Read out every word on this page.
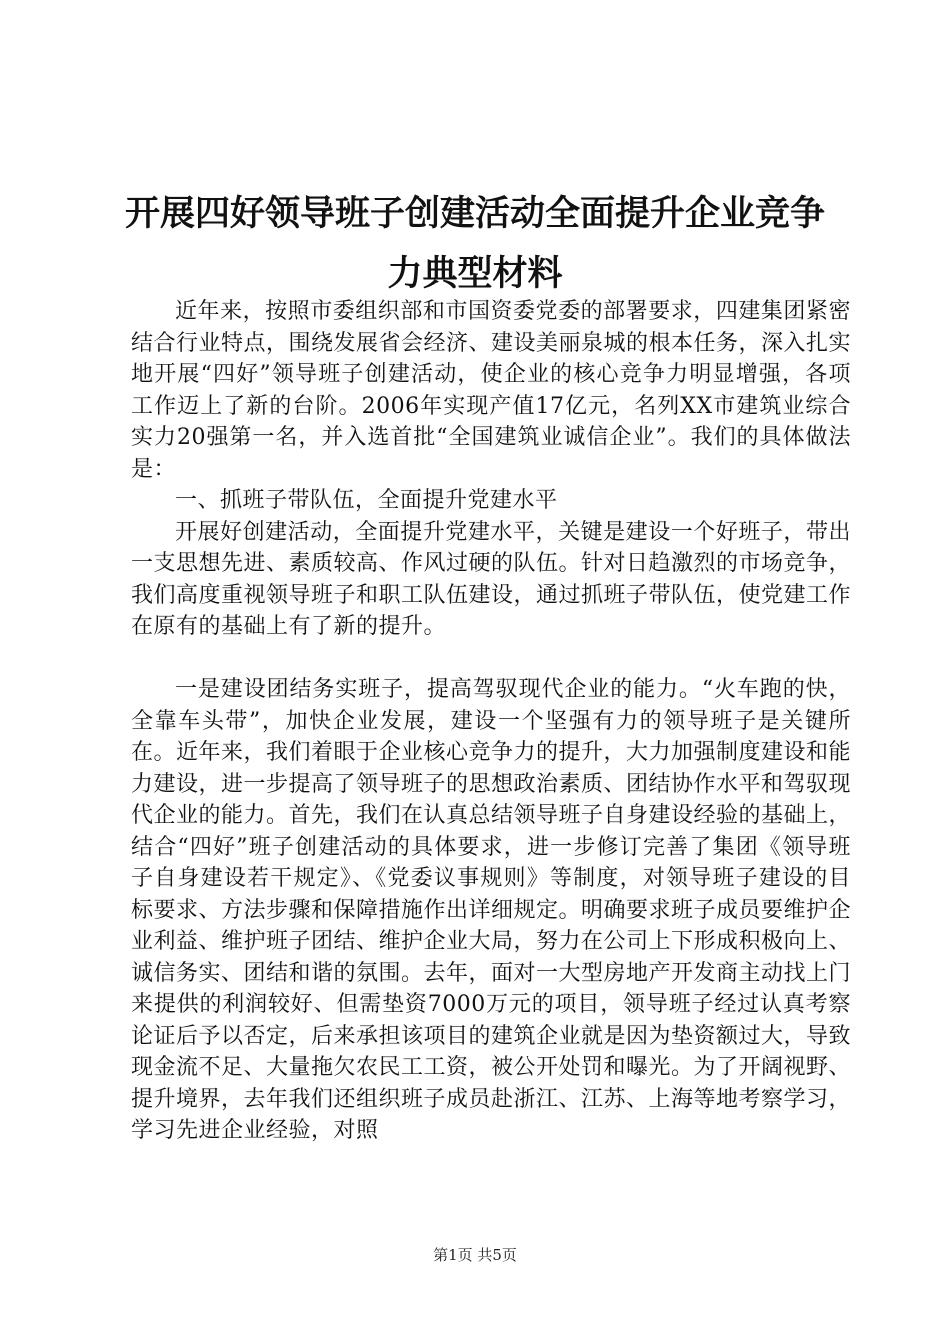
开展四好领导班子创建活动全面提升企业竞争
力典型材料

近年来，按照市委组织部和市国资委党委的部署要求，四建集团紧密结合行业特点，围绕发展省会经济、建设美丽泉城的根本任务，深入扎实地开展“四好”领导班子创建活动，使企业的核心竞争力明显增强，各项工作迈上了新的台阶。2006年实现产值17亿元，名列XX市建筑业综合实力20强第一名，并入选首批“全国建筑业诚信企业”。我们的具体做法是：

一、抓班子带队伍，全面提升党建水平

开展好创建活动，全面提升党建水平，关键是建设一个好班子，带出一支思想先进、素质较高、作风过硬的队伍。针对日趋激烈的市场竞争，我们高度重视领导班子和职工队伍建设，通过抓班子带队伍，使党建工作在原有的基础上有了新的提升。

一是建设团结务实班子，提高驾驭现代企业的能力。“火车跑的快，全靠车头带”，加快企业发展，建设一个坚强有力的领导班子是关键所在。近年来，我们着眼于企业核心竞争力的提升，大力加强制度建设和能力建设，进一步提高了领导班子的思想政治素质、团结协作水平和驾驭现代企业的能力。首先，我们在认真总结领导班子自身建设经验的基础上，结合“四好”班子创建活动的具体要求，进一步修订完善了集团《领导班子自身建设若干规定》、《党委议事规则》等制度，对领导班子建设的目标要求、方法步骤和保障措施作出详细规定。明确要求班子成员要维护企业利益、维护班子团结、维护企业大局，努力在公司上下形成积极向上、诚信务实、团结和谐的氛围。去年，面对一大型房地产开发商主动找上门来提供的利润较好、但需垫资7000万元的项目，领导班子经过认真考察论证后予以否定，后来承担该项目的建筑企业就是因为垫资额过大，导致现金流不足、大量拖欠农民工工资，被公开处罚和曝光。为了开阔视野、提升境界，去年我们还组织班子成员赴浙江、江苏、上海等地考察学习，学习先进企业经验，对照

第1页 共5页
